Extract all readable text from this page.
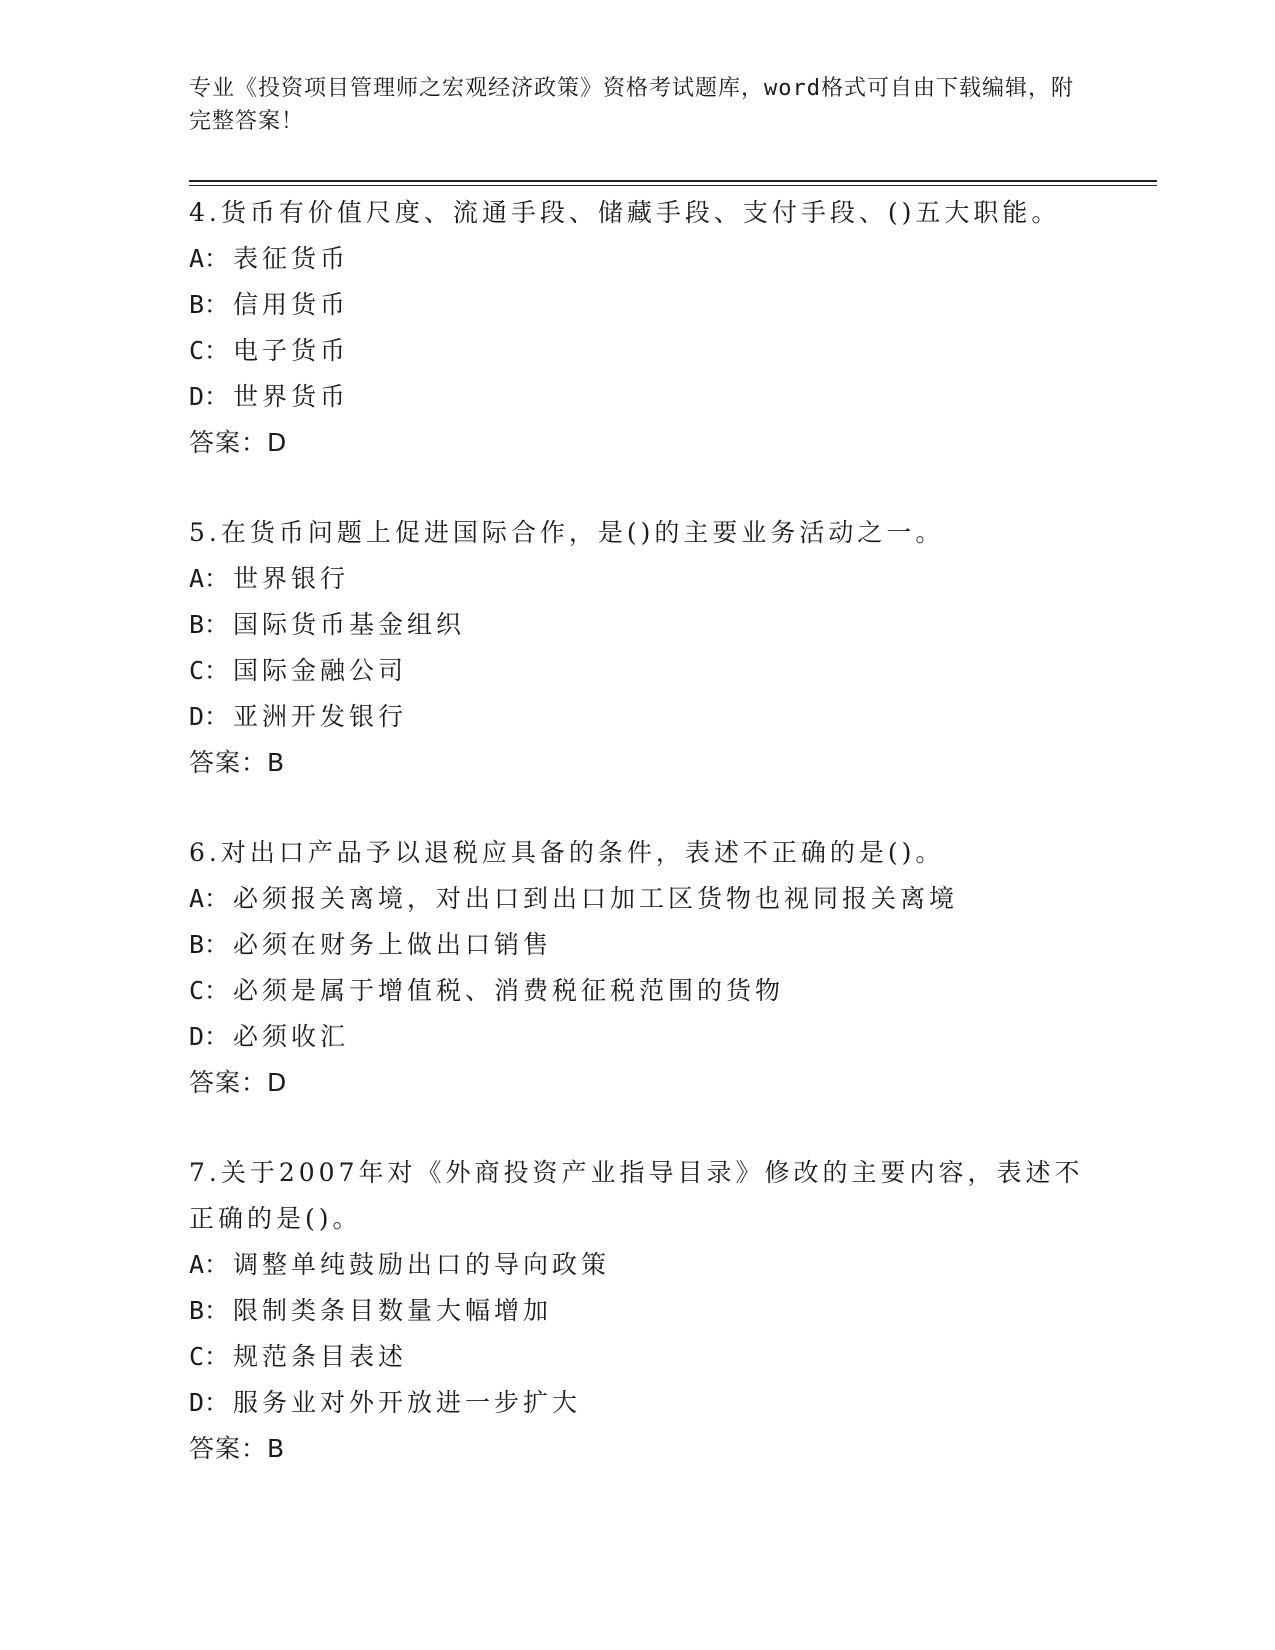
专业《投资项目管理师之宏观经济政策》资格考试题库，word格式可自由下载编辑，附完整答案！
4.货币有价值尺度、流通手段、储藏手段、支付手段、()五大职能。
A： 表征货币
B： 信用货币
C： 电子货币
D： 世界货币
答案：D
5.在货币问题上促进国际合作，是()的主要业务活动之一。
A： 世界银行
B： 国际货币基金组织
C： 国际金融公司
D： 亚洲开发银行
答案：B
6.对出口产品予以退税应具备的条件，表述不正确的是()。
A： 必须报关离境，对出口到出口加工区货物也视同报关离境
B： 必须在财务上做出口销售
C： 必须是属于增值税、消费税征税范围的货物
D： 必须收汇
答案：D
7.关于2007年对《外商投资产业指导目录》修改的主要内容，表述不正确的是()。
A： 调整单纯鼓励出口的导向政策
B： 限制类条目数量大幅增加
C： 规范条目表述
D： 服务业对外开放进一步扩大
答案：B
